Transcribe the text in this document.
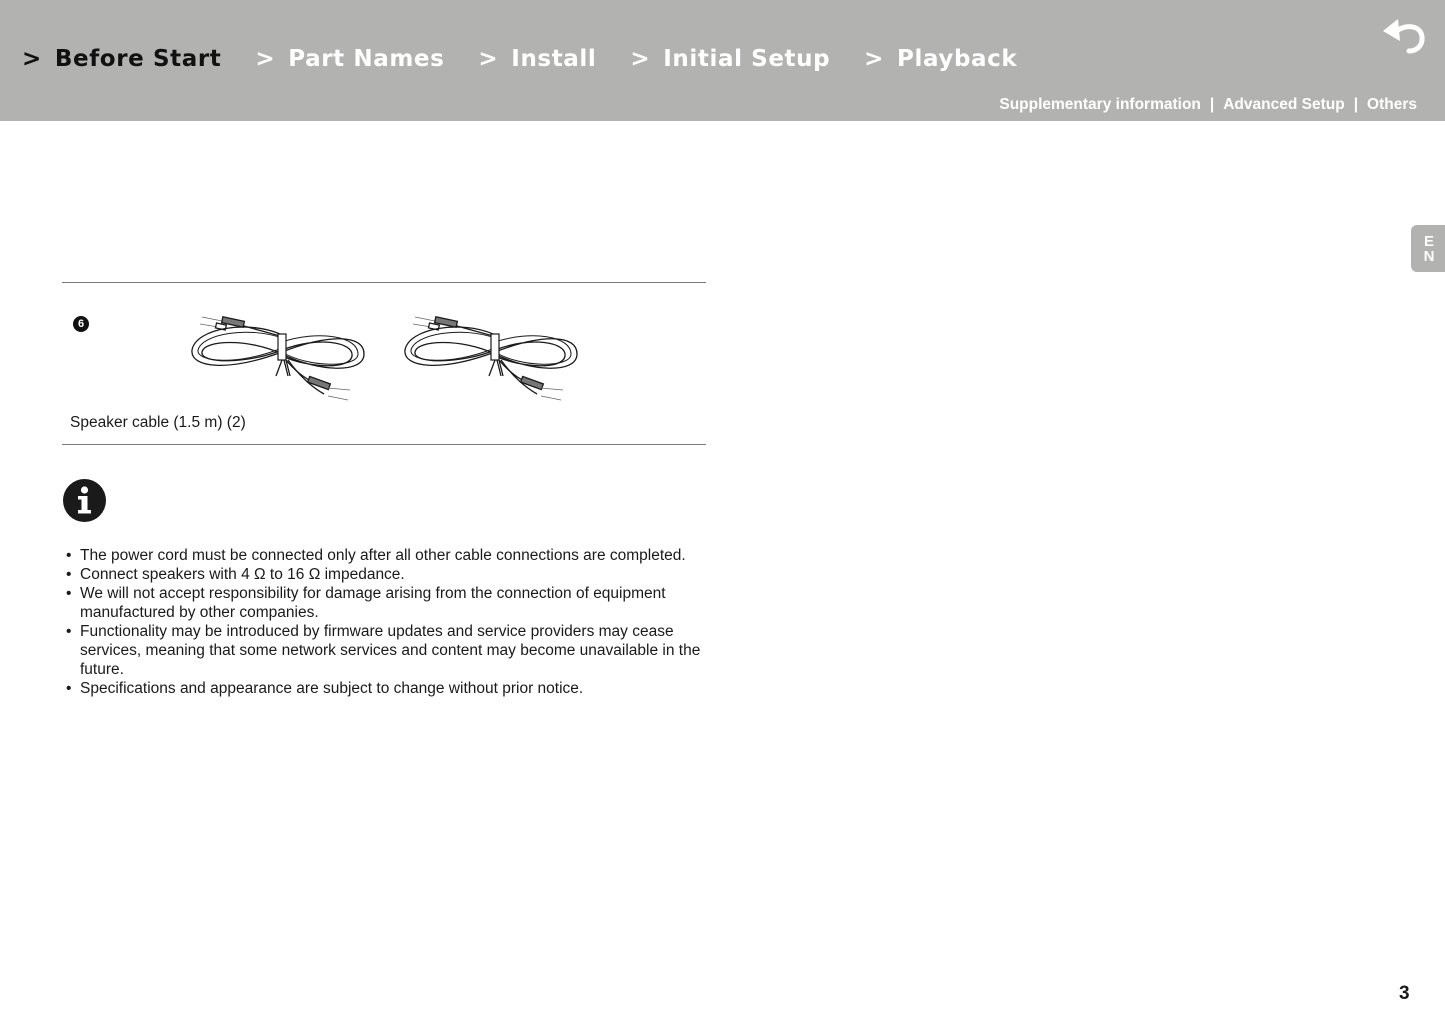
> Before Start > Part Names > Install > Initial Setup > Playback
Supplementary information | Advanced Setup | Others
E
N
6
Speaker cable (1.5 m) (2)
• The power cord must be connected only after all other cable connections are completed.
• Connect speakers with 4 Ω to 16 Ω impedance.
• We will not accept responsibility for damage arising from the connection of equipment manufactured by other companies.
• Functionality may be introduced by firmware updates and service providers may cease services, meaning that some network services and content may become unavailable in the future.
• Specifications and appearance are subject to change without prior notice.
3
